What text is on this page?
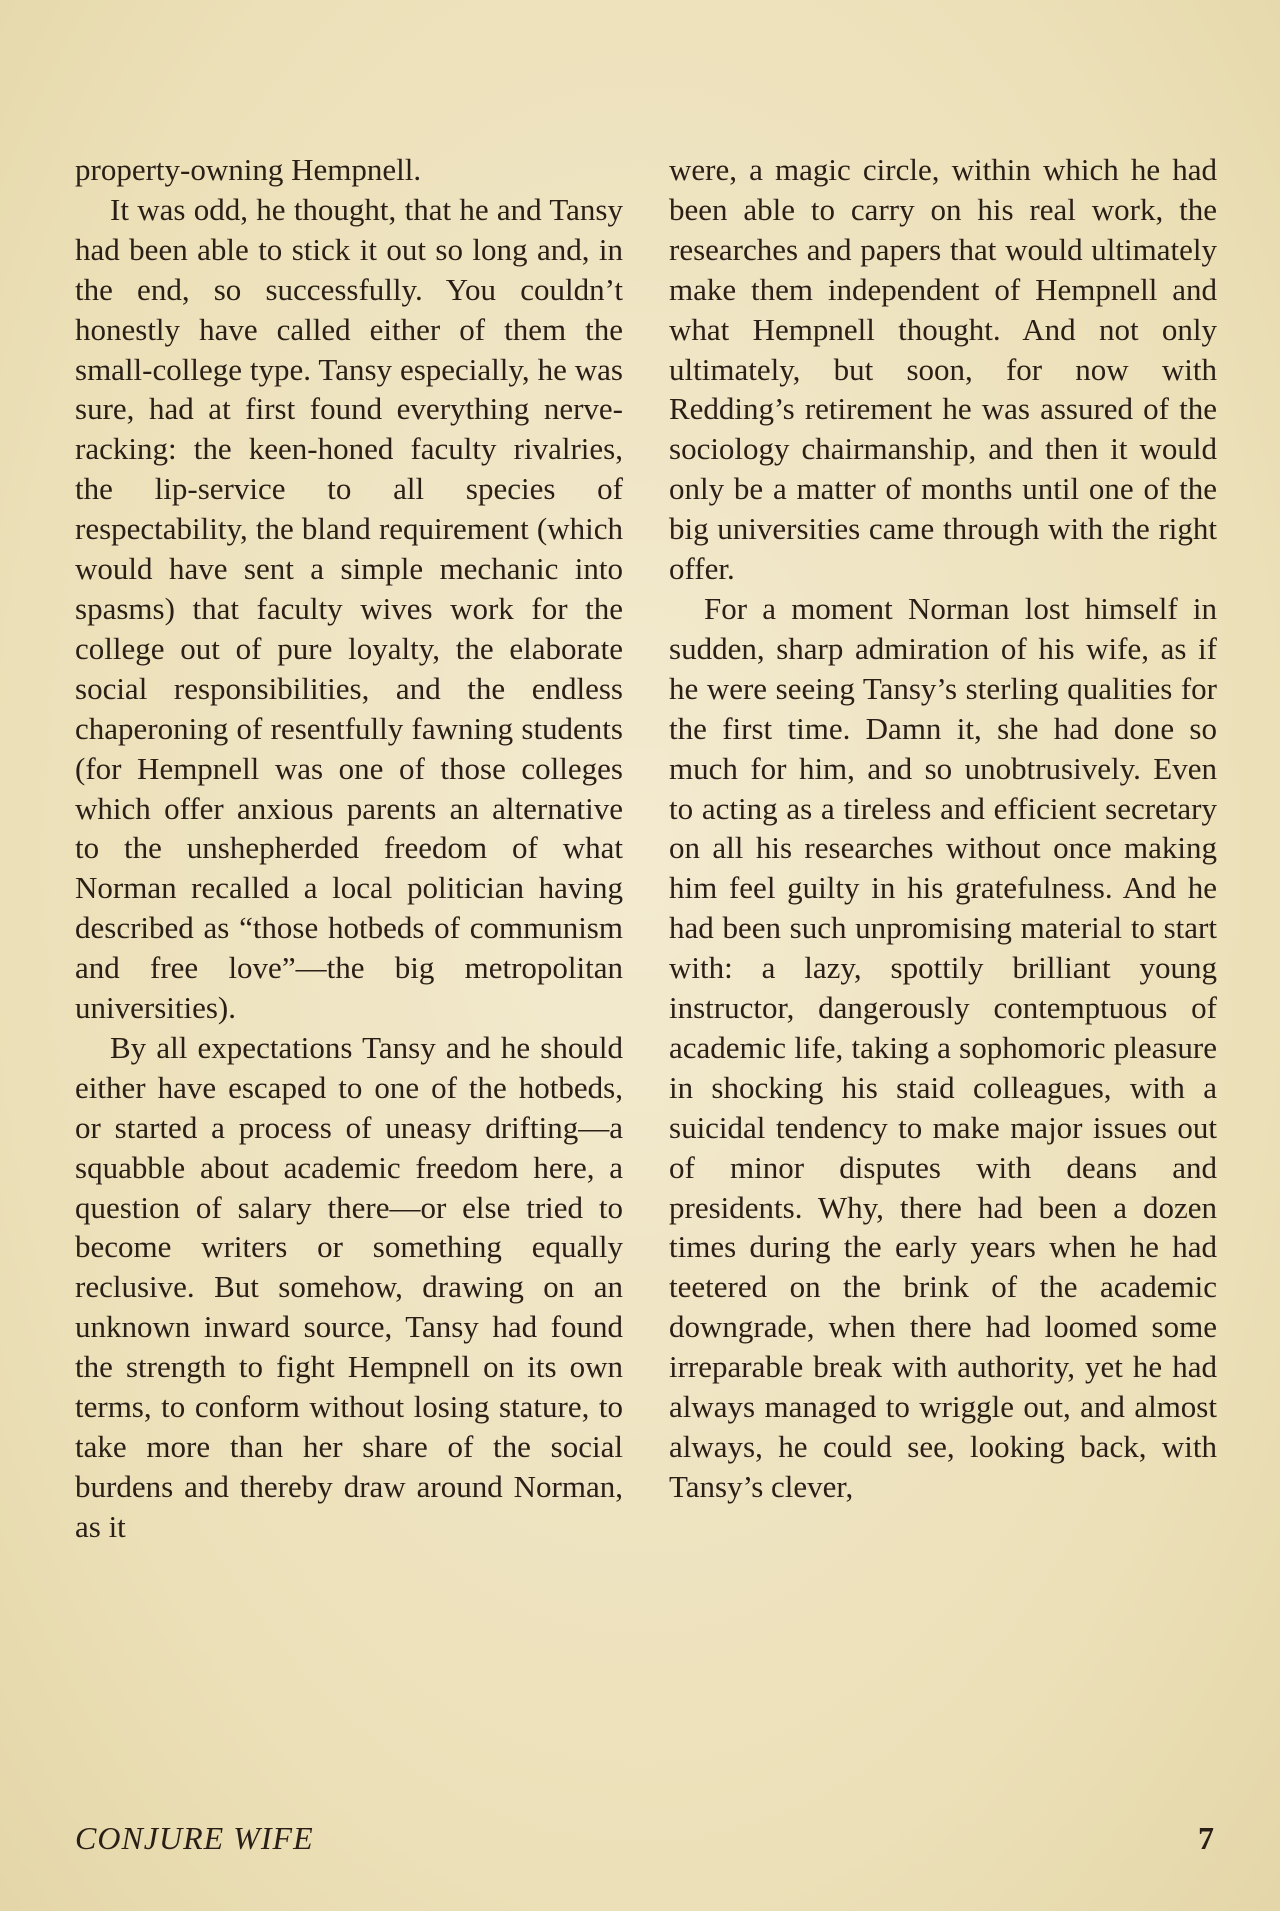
property-owning Hempnell.

It was odd, he thought, that he and Tansy had been able to stick it out so long and, in the end, so successfully. You couldn’t honestly have called either of them the small-college type. Tansy especially, he was sure, had at first found everything nerve-racking: the keen-honed faculty rivalries, the lip-service to all species of respectability, the bland requirement (which would have sent a simple mechanic into spasms) that faculty wives work for the college out of pure loyalty, the elaborate social responsibilities, and the endless chaperoning of resentfully fawning students (for Hempnell was one of those colleges which offer anxious parents an alternative to the unshepherded freedom of what Norman recalled a local politician having described as “those hotbeds of communism and free love”—the big metropolitan universities).

By all expectations Tansy and he should either have escaped to one of the hotbeds, or started a process of uneasy drifting—a squabble about academic freedom here, a question of salary there—or else tried to become writers or something equally reclusive. But somehow, drawing on an unknown inward source, Tansy had found the strength to fight Hempnell on its own terms, to conform without losing stature, to take more than her share of the social burdens and thereby draw around Norman, as it

were, a magic circle, within which he had been able to carry on his real work, the researches and papers that would ultimately make them independent of Hempnell and what Hempnell thought. And not only ultimately, but soon, for now with Redding’s retirement he was assured of the sociology chairmanship, and then it would only be a matter of months until one of the big universities came through with the right offer.

For a moment Norman lost himself in sudden, sharp admiration of his wife, as if he were seeing Tansy’s sterling qualities for the first time. Damn it, she had done so much for him, and so unobtrusively. Even to acting as a tireless and efficient secretary on all his researches without once making him feel guilty in his gratefulness. And he had been such unpromising material to start with: a lazy, spottily brilliant young instructor, dangerously contemptuous of academic life, taking a sophomoric pleasure in shocking his staid colleagues, with a suicidal tendency to make major issues out of minor disputes with deans and presidents. Why, there had been a dozen times during the early years when he had teetered on the brink of the academic downgrade, when there had loomed some irreparable break with authority, yet he had always managed to wriggle out, and almost always, he could see, looking back, with Tansy’s clever,

CONJURE WIFE	7
